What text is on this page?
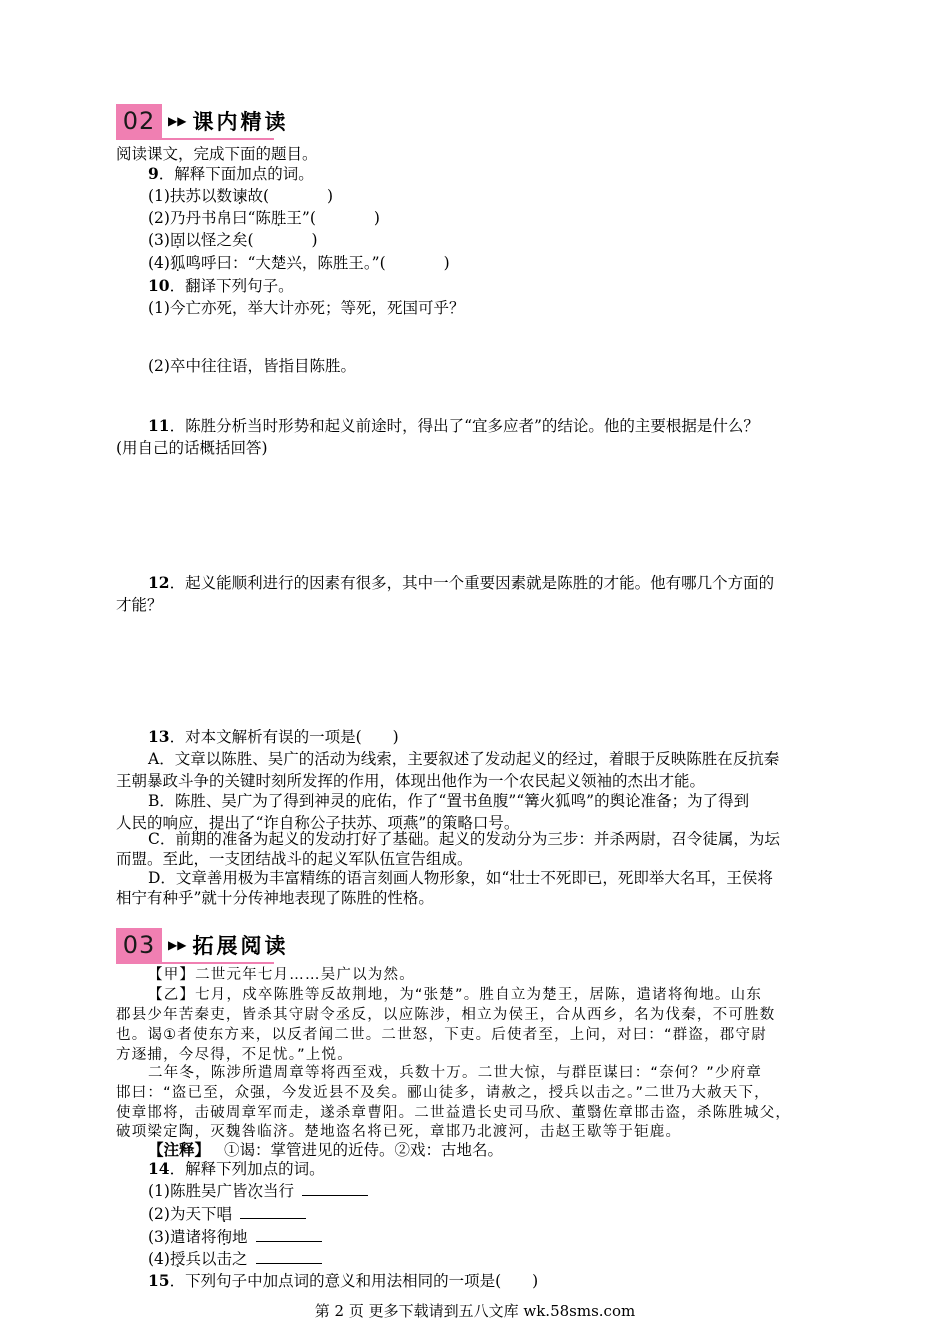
02	▶▶ 课内精读
阅读课文，完成下面的题目。
9．解释下面加点的词。
(1)扶苏以数谏故(	)
(2)乃丹书帛曰“陈胜王”(	)
(3)固以怪之矣(	)
(4)狐鸣呼曰：“大楚兴，陈胜王。”(	)
10．翻译下列句子。
(1)今亡亦死，举大计亦死；等死，死国可乎？
(2)卒中往往语，皆指目陈胜。
11．陈胜分析当时形势和起义前途时，得出了“宜多应者”的结论。他的主要根据是什么？
(用自己的话概括回答)
12．起义能顺利进行的因素有很多，其中一个重要因素就是陈胜的才能。他有哪几个方面的
才能？
13．对本文解析有误的一项是(　　)
A．文章以陈胜、吴广的活动为线索，主要叙述了发动起义的经过，着眼于反映陈胜在反抗秦
王朝暴政斗争的关键时刻所发挥的作用，体现出他作为一个农民起义领袖的杰出才能。
B．陈胜、吴广为了得到神灵的庇佑，作了“置书鱼腹”“篝火狐鸣”的舆论准备；为了得到
人民的响应，提出了“诈自称公子扶苏、项燕”的策略口号。
C．前期的准备为起义的发动打好了基础。起义的发动分为三步：并杀两尉，召令徒属，为坛
而盟。至此，一支团结战斗的起义军队伍宣告组成。
D．文章善用极为丰富精练的语言刻画人物形象，如“壮士不死即已，死即举大名耳，王侯将
相宁有种乎”就十分传神地表现了陈胜的性格。
03	▶▶ 拓展阅读
【甲】二世元年七月……吴广以为然。
【乙】七月，戍卒陈胜等反故荆地，为“张楚”。胜自立为楚王，居陈，遣诸将徇地。山东
郡县少年苦秦吏，皆杀其守尉令丞反，以应陈涉，相立为侯王，合从西乡，名为伐秦，不可胜数
也。谒①者使东方来，以反者闻二世。二世怒，下吏。后使者至，上问，对曰：“群盗，郡守尉
方逐捕，今尽得，不足忧。”上悦。
二年冬，陈涉所遣周章等将西至戏，兵数十万。二世大惊，与群臣谋曰：“奈何？”少府章
邯曰：“盗已至，众强，今发近县不及矣。郦山徒多，请赦之，授兵以击之。”二世乃大赦天下，
使章邯将，击破周章军而走，遂杀章曹阳。二世益遣长史司马欣、董翳佐章邯击盗，杀陈胜城父，
破项梁定陶，灭魏咎临济。楚地盗名将已死，章邯乃北渡河，击赵王歇等于钜鹿。
【注释】 ①谒：掌管进见的近侍。②戏：古地名。
14．解释下列加点的词。
(1)陈胜吴广皆次当行
(2)为天下唱
(3)遣诸将徇地
(4)授兵以击之
15．下列句子中加点词的意义和用法相同的一项是(　　)
第 2 页 更多下载请到五八文库 wk.58sms.com
